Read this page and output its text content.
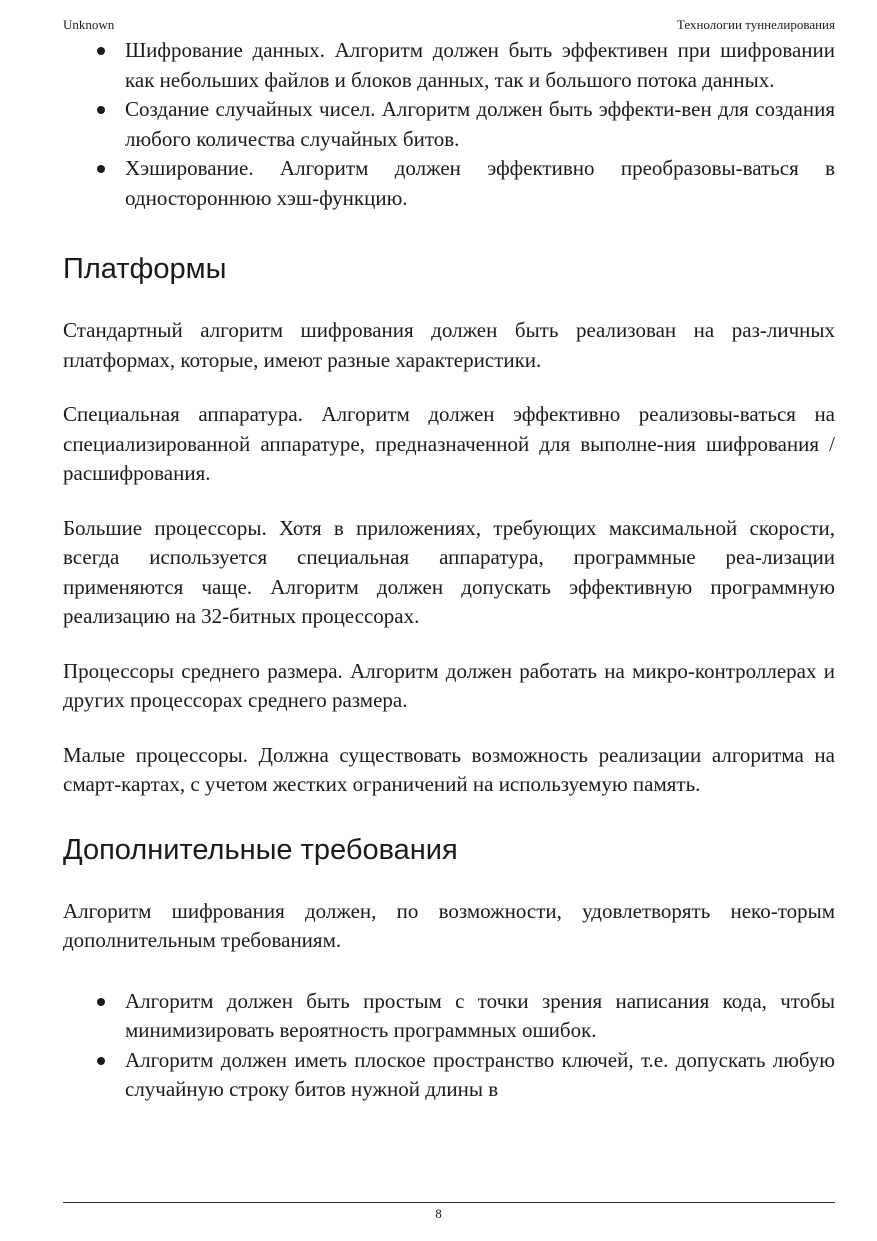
Unknown	Технологии туннелирования
Шифрование данных. Алгоритм должен быть эффективен при шифровании как небольших файлов и блоков данных, так и большого потока данных.
Создание случайных чисел. Алгоритм должен быть эффекти-вен для создания любого количества случайных битов.
Хэширование. Алгоритм должен эффективно преобразовы-ваться в одностороннюю хэш-функцию.
Платформы

Стандартный алгоритм шифрования должен быть реализован на раз-личных платформах, которые, имеют разные характеристики.

Специальная аппаратура. Алгоритм должен эффективно реализовы-ваться на специализированной аппаратуре, предназначенной для выполне-ния шифрования / расшифрования.

Большие процессоры. Хотя в приложениях, требующих максимальной скорости, всегда используется специальная аппаратура, программные реа-лизации применяются чаще. Алгоритм должен допускать эффективную программную реализацию на 32-битных процессорах.

Процессоры среднего размера. Алгоритм должен работать на микро-контроллерах и других процессорах среднего размера.

Малые процессоры. Должна существовать возможность реализации алгоритма на смарт-картах, с учетом жестких ограничений на используемую память.

Дополнительные требования

Алгоритм шифрования должен, по возможности, удовлетворять неко-торым дополнительным требованиям.

Алгоритм должен быть простым с точки зрения написания кода, чтобы минимизировать вероятность программных ошибок.
Алгоритм должен иметь плоское пространство ключей, т.е. допускать любую случайную строку битов нужной длины в
8
